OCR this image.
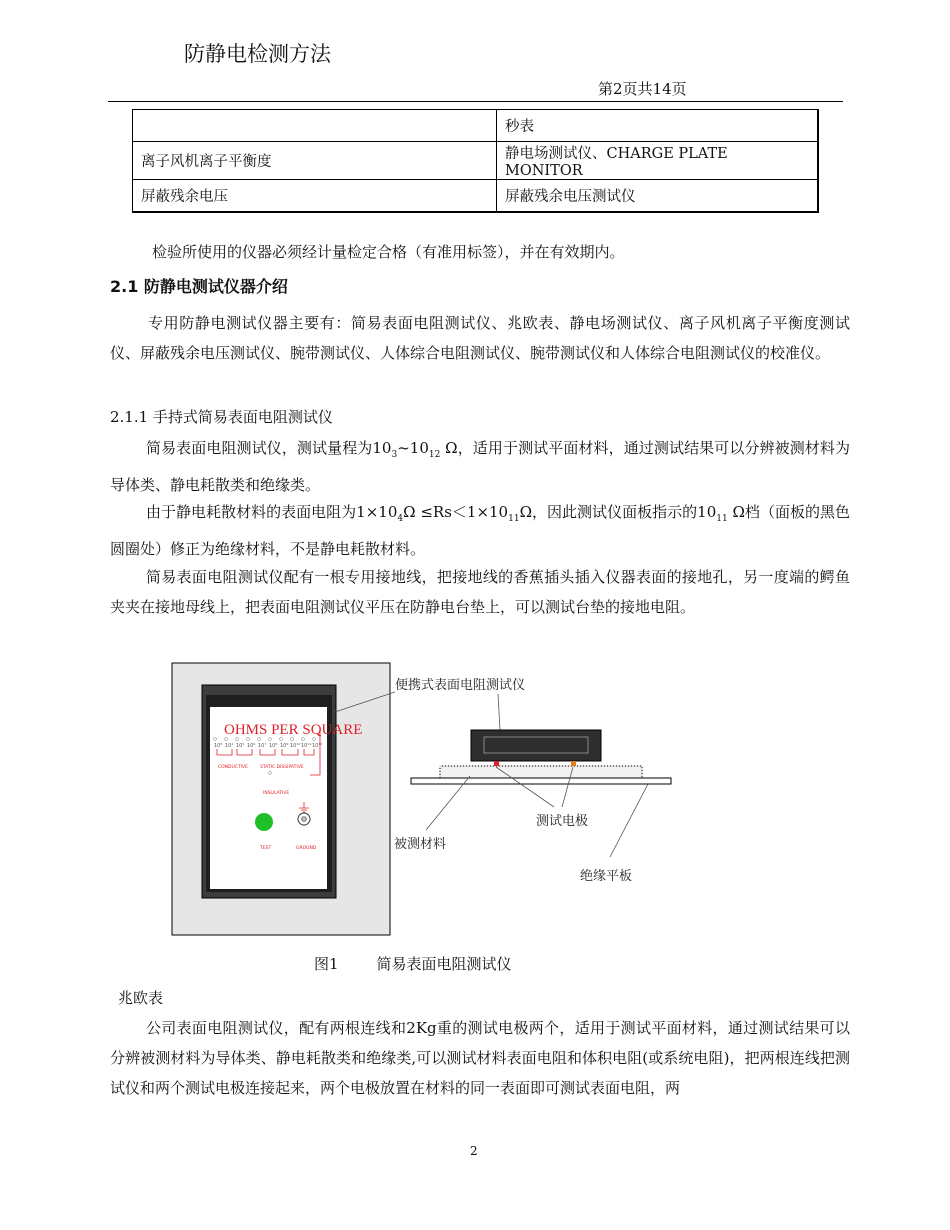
防静电检测方法
第2页共14页
	秒表
离子风机离子平衡度	静电场测试仪、CHARGE PLATE MONITOR
屏蔽残余电压	屏蔽残余电压测试仪
检验所使用的仪器必须经计量检定合格（有准用标签），并在有效期内。
2.1 防静电测试仪器介绍
专用防静电测试仪器主要有：简易表面电阻测试仪、兆欧表、静电场测试仪、离子风机离子平衡度测试仪、屏蔽残余电压测试仪、腕带测试仪、人体综合电阻测试仪、腕带测试仪和人体综合电阻测试仪的校准仪。
2.1.1 手持式简易表面电阻测试仪
简易表面电阻测试仪，测试量程为$10_3\sim 10_{12}$ Ω，适用于测试平面材料，通过测试结果可以分辨被测材料为导体类、静电耗散类和绝缘类。
由于静电耗散材料的表面电阻为$1\times 10_4\Omega \le Rs<1\times 10_{11}\Omega$，因此测试仪面板指示的$10_{11}$ Ω档（面板的黑色圆圈处）修正为绝缘材料，不是静电耗散材料。
简易表面电阻测试仪配有一根专用接地线，把接地线的香蕉插头插入仪器表面的接地孔，另一度端的鳄鱼夹夹在接地母线上，把表面电阻测试仪平压在防静电台垫上，可以测试台垫的接地电阻。
OHMS PER SQUARE
10³ 10⁴ 10⁵ 10⁶ 10⁷ 10⁸ 10⁹ 10¹⁰ 10¹¹ 10¹²
CONDUCTIVE	STATIC DISSIPATIVE
INSULATIVE
TEST	GROUND
便携式表面电阻测试仪
测试电极
被测材料
绝缘平板
图1	简易表面电阻测试仪
兆欧表
公司表面电阻测试仪，配有两根连线和2Kg重的测试电极两个，适用于测试平面材料，通过测试结果可以分辨被测材料为导体类、静电耗散类和绝缘类,可以测试材料表面电阻和体积电阻(或系统电阻)，把两根连线把测试仪和两个测试电极连接起来，两个电极放置在材料的同一表面即可测试表面电阻，两
2
